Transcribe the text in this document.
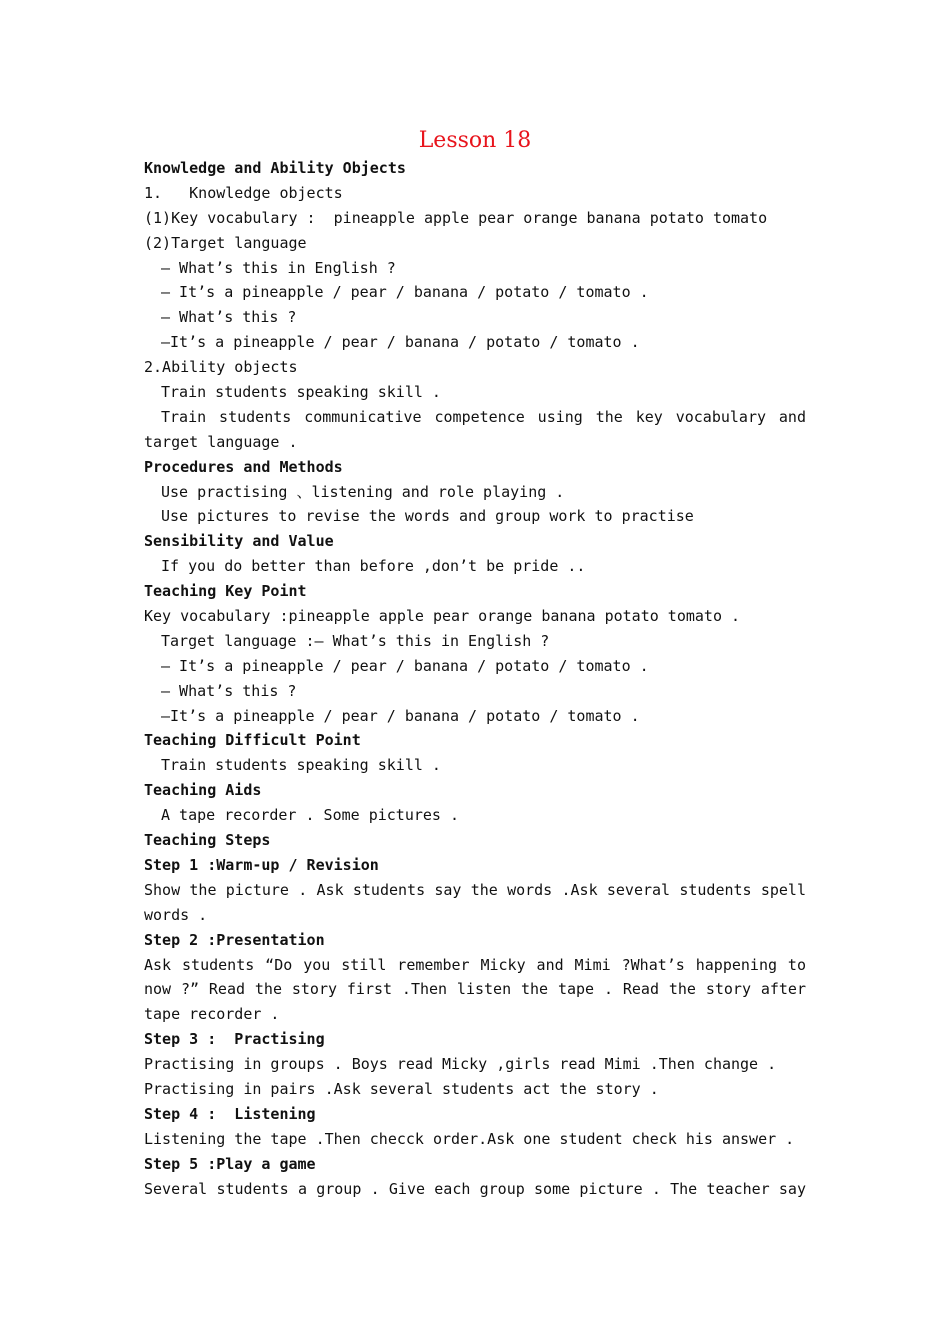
Lesson 18
Knowledge and Ability Objects
1.   Knowledge objects
(1)Key vocabulary :  pineapple apple pear orange banana potato tomato
(2)Target language
— What’s this in English ?
— It’s a pineapple / pear / banana / potato / tomato .
— What’s this ?
—It’s a pineapple / pear / banana / potato / tomato .
2.Ability objects
Train students speaking skill .
Train students communicative competence using the key vocabulary and
target language .
Procedures and Methods
Use practising 、listening and role playing .
Use pictures to revise the words and group work to practise
Sensibility and Value
If you do better than before ,don’t be pride ..
Teaching Key Point
Key vocabulary :pineapple apple pear orange banana potato tomato .
Target language :— What’s this in English ?
— It’s a pineapple / pear / banana / potato / tomato .
— What’s this ?
—It’s a pineapple / pear / banana / potato / tomato .
Teaching Difficult Point
Train students speaking skill .
Teaching Aids
A tape recorder . Some pictures .
Teaching Steps
Step 1 :Warm-up / Revision
Show the picture . Ask students say the words .Ask several students spell
words .
Step 2 :Presentation
Ask students “Do you still remember Micky and Mimi ?What’s happening to
now ?” Read the story first .Then listen the tape . Read the story after
tape recorder .
Step 3 :  Practising
Practising in groups . Boys read Micky ,girls read Mimi .Then change .
Practising in pairs .Ask several students act the story .
Step 4 :  Listening
Listening the tape .Then checck order.Ask one student check his answer .
Step 5 :Play a game
Several students a group . Give each group some picture . The teacher say
